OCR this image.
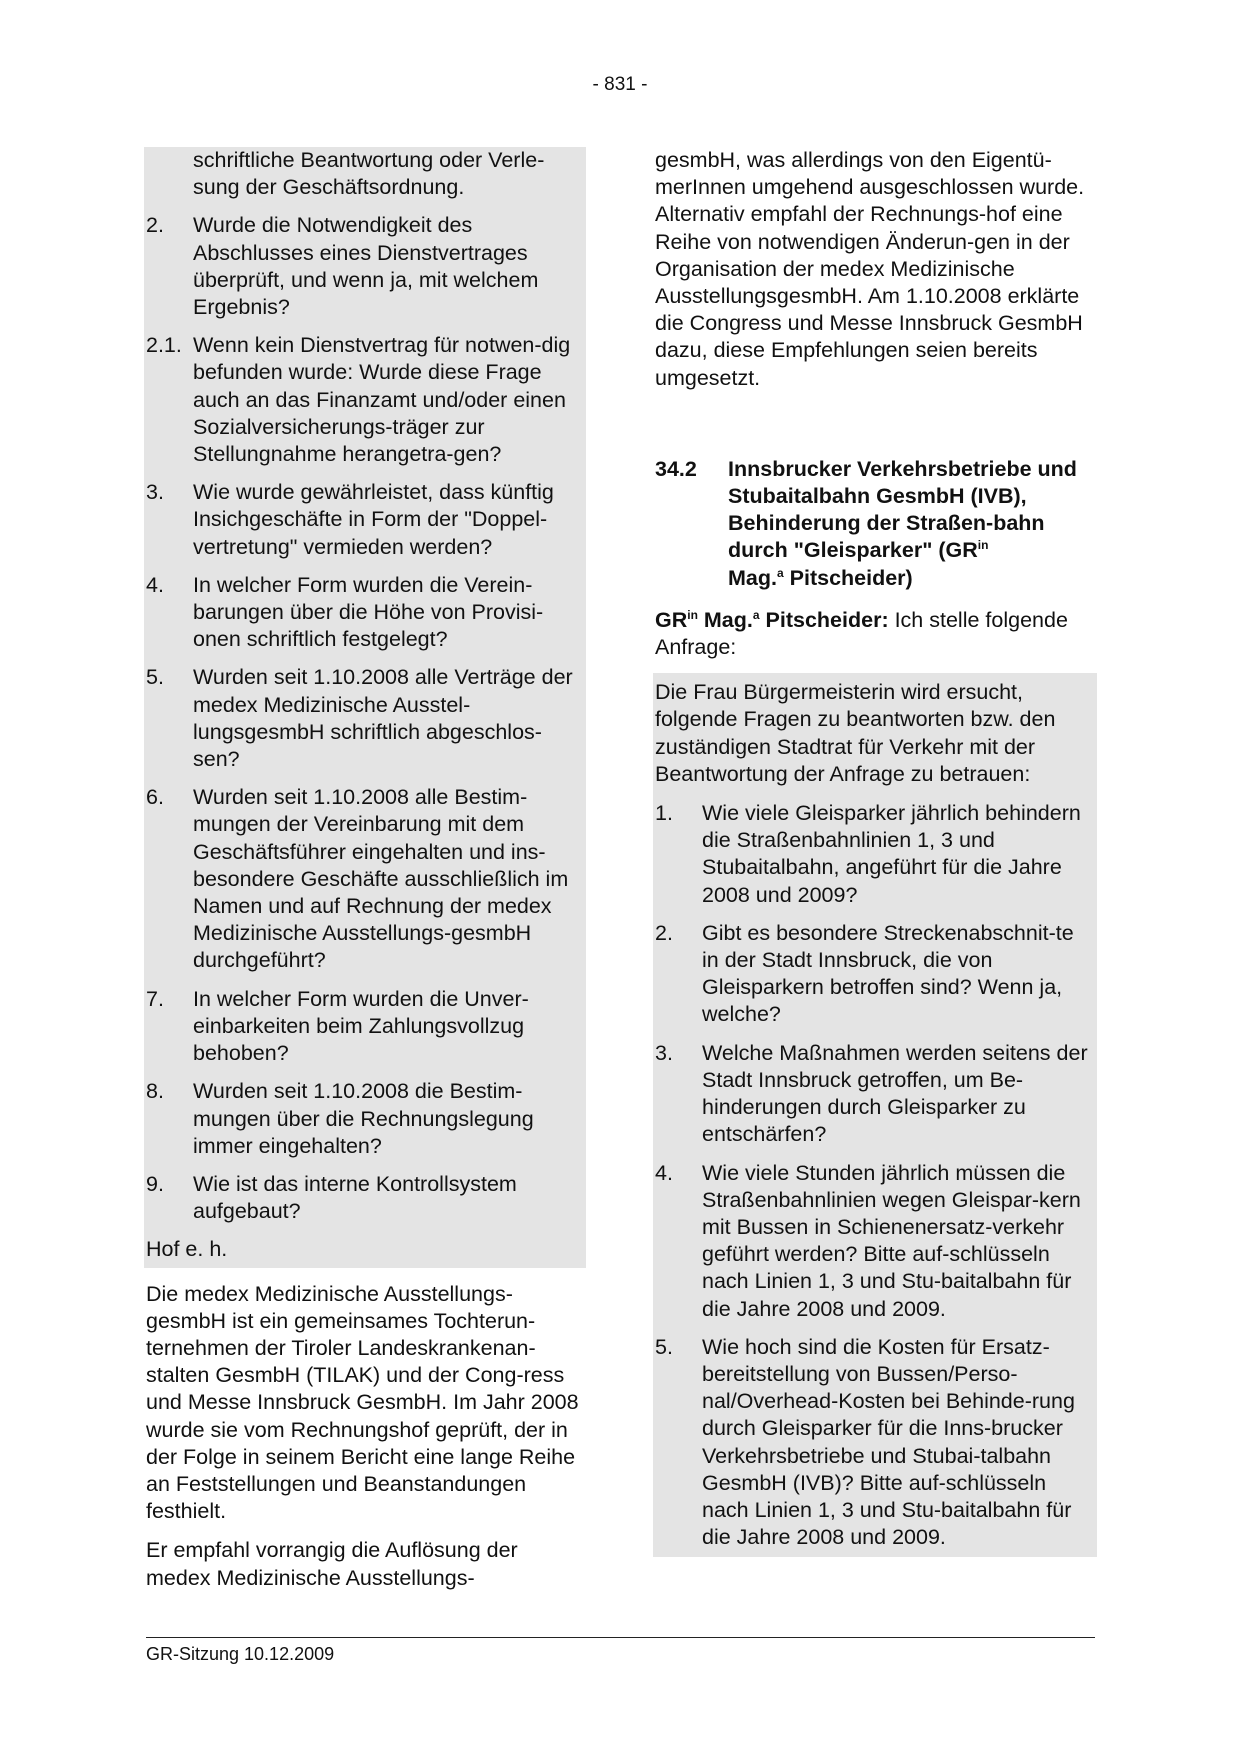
- 831 -
schriftliche Beantwortung oder Verle-
sung der Geschäftsordnung.
2.	Wurde die Notwendigkeit des Abschlusses eines Dienstvertrages überprüft, und wenn ja, mit welchem Ergebnis?
2.1. Wenn kein Dienstvertrag für notwen-dig befunden wurde: Wurde diese Frage auch an das Finanzamt und/oder einen Sozialversicherungs-träger zur Stellungnahme herangetra-gen?
3.	Wie wurde gewährleistet, dass künftig Insichgeschäfte in Form der "Doppel-vertretung" vermieden werden?
4.	In welcher Form wurden die Verein-barungen über die Höhe von Provisi-onen schriftlich festgelegt?
5.	Wurden seit 1.10.2008 alle Verträge der medex Medizinische Ausstel-lungsgesmbH schriftlich abgeschlos-sen?
6.	Wurden seit 1.10.2008 alle Bestim-mungen der Vereinbarung mit dem Geschäftsführer eingehalten und ins-besondere Geschäfte ausschließlich im Namen und auf Rechnung der medex Medizinische Ausstellungs-gesmbH durchgeführt?
7.	In welcher Form wurden die Unver-einbarkeiten beim Zahlungsvollzug behoben?
8.	Wurden seit 1.10.2008 die Bestim-mungen über die Rechnungslegung immer eingehalten?
9.	Wie ist das interne Kontrollsystem aufgebaut?
Hof e. h.

Die medex Medizinische Ausstellungs-gesmbH ist ein gemeinsames Tochterun-ternehmen der Tiroler Landeskrankenan-stalten GesmbH (TILAK) und der Cong-ress und Messe Innsbruck GesmbH. Im Jahr 2008 wurde sie vom Rechnungshof geprüft, der in der Folge in seinem Bericht eine lange Reihe an Feststellungen und Beanstandungen festhielt.

Er empfahl vorrangig die Auflösung der medex Medizinische Ausstellungs-

gesmbH, was allerdings von den Eigentü-merInnen umgehend ausgeschlossen wurde. Alternativ empfahl der Rechnungs-hof eine Reihe von notwendigen Änderun-gen in der Organisation der medex Medizinische AusstellungsgesmbH. Am 1.10.2008 erklärte die Congress und Messe Innsbruck GesmbH dazu, diese Empfehlungen seien bereits umgesetzt.

34.2	Innsbrucker Verkehrsbetriebe und Stubaitalbahn GesmbH (IVB), Behinderung der Straßen-bahn durch "Gleisparker" ($GR^{in}$
Mag.$^a$ Pitscheider)

$GR^{in}$ Mag.$^a$ Pitscheider: Ich stelle folgende Anfrage:

Die Frau Bürgermeisterin wird ersucht, folgende Fragen zu beantworten bzw. den zuständigen Stadtrat für Verkehr mit der Beantwortung der Anfrage zu betrauen:

1.	Wie viele Gleisparker jährlich behindern die Straßenbahnlinien 1, 3 und Stubaitalbahn, angeführt für die Jahre 2008 und 2009?
2.	Gibt es besondere Streckenabschnit-te in der Stadt Innsbruck, die von Gleisparkern betroffen sind? Wenn ja, welche?
3.	Welche Maßnahmen werden seitens der Stadt Innsbruck getroffen, um Be-hinderungen durch Gleisparker zu entschärfen?
4.	Wie viele Stunden jährlich müssen die Straßenbahnlinien wegen Gleispar-kern mit Bussen in Schienenersatz-verkehr geführt werden? Bitte auf-schlüsseln nach Linien 1, 3 und Stu-baitalbahn für die Jahre 2008 und 2009.
5.	Wie hoch sind die Kosten für Ersatz-bereitstellung von Bussen/Perso-nal/Overhead-Kosten bei Behinde-rung durch Gleisparker für die Inns-brucker Verkehrsbetriebe und Stubai-talbahn GesmbH (IVB)? Bitte auf-schlüsseln nach Linien 1, 3 und Stu-baitalbahn für die Jahre 2008 und 2009.
GR-Sitzung 10.12.2009
